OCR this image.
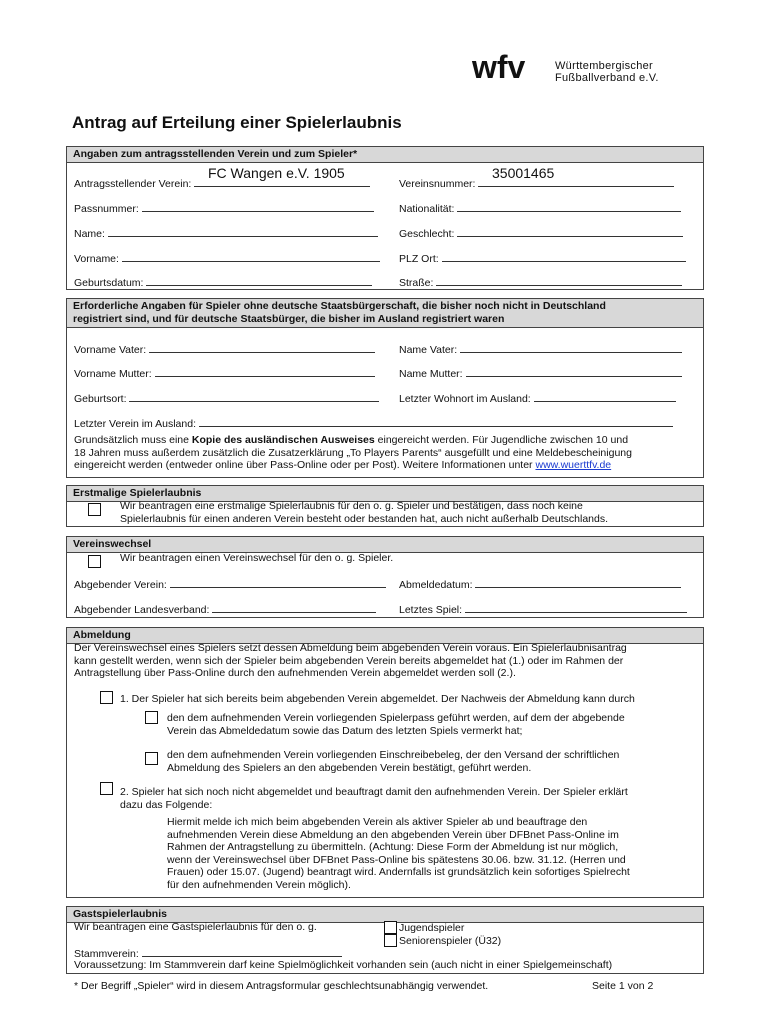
wfv	Württembergischer
Fußballverband e.V.
Antrag auf Erteilung einer Spielerlaubnis
Angaben zum antragsstellenden Verein und zum Spieler*
Antragsstellender Verein:
FC Wangen e.V. 1905
Vereinsnummer:
35001465
Passnummer:	Nationalität:
Name:	Geschlecht:
Vorname:	PLZ Ort:
Geburtsdatum:	Straße:
Erforderliche Angaben für Spieler ohne deutsche Staatsbürgerschaft, die bisher noch nicht in Deutschland
registriert sind, und für deutsche Staatsbürger, die bisher im Ausland registriert waren
Vorname Vater:	Name Vater:
Vorname Mutter:	Name Mutter:
Geburtsort:	Letzter Wohnort im Ausland:
Letzter Verein im Ausland:
Grundsätzlich muss eine Kopie des ausländischen Ausweises eingereicht werden. Für Jugendliche zwischen 10 und
18 Jahren muss außerdem zusätzlich die Zusatzerklärung „To Players Parents“ ausgefüllt und eine Meldebescheinigung
eingereicht werden (entweder online über Pass-Online oder per Post). Weitere Informationen unter www.wuerttfv.de
Erstmalige Spielerlaubnis
Wir beantragen eine erstmalige Spielerlaubnis für den o. g. Spieler und bestätigen, dass noch keine
Spielerlaubnis für einen anderen Verein besteht oder bestanden hat, auch nicht außerhalb Deutschlands.
Vereinswechsel
Wir beantragen einen Vereinswechsel für den o. g. Spieler.
Abgebender Verein:	Abmeldedatum:
Abgebender Landesverband:	Letztes Spiel:
Abmeldung
Der Vereinswechsel eines Spielers setzt dessen Abmeldung beim abgebenden Verein voraus. Ein Spielerlaubnisantrag
kann gestellt werden, wenn sich der Spieler beim abgebenden Verein bereits abgemeldet hat (1.) oder im Rahmen der
Antragstellung über Pass-Online durch den aufnehmenden Verein abgemeldet werden soll (2.).
1. Der Spieler hat sich bereits beim abgebenden Verein abgemeldet. Der Nachweis der Abmeldung kann durch
den dem aufnehmenden Verein vorliegenden Spielerpass geführt werden, auf dem der abgebende
Verein das Abmeldedatum sowie das Datum des letzten Spiels vermerkt hat;
den dem aufnehmenden Verein vorliegenden Einschreibebeleg, der den Versand der schriftlichen
Abmeldung des Spielers an den abgebenden Verein bestätigt, geführt werden.
2. Spieler hat sich noch nicht abgemeldet und beauftragt damit den aufnehmenden Verein. Der Spieler erklärt
dazu das Folgende:
Hiermit melde ich mich beim abgebenden Verein als aktiver Spieler ab und beauftrage den
aufnehmenden Verein diese Abmeldung an den abgebenden Verein über DFBnet Pass-Online im
Rahmen der Antragstellung zu übermitteln. (Achtung: Diese Form der Abmeldung ist nur möglich,
wenn der Vereinswechsel über DFBnet Pass-Online bis spätestens 30.06. bzw. 31.12. (Herren und
Frauen) oder 15.07. (Jugend) beantragt wird. Andernfalls ist grundsätzlich kein sofortiges Spielrecht
für den aufnehmenden Verein möglich).
Gastspielerlaubnis
Wir beantragen eine Gastspielerlaubnis für den o. g.	Jugendspieler
Seniorenspieler (Ü32)
Stammverein:
Voraussetzung: Im Stammverein darf keine Spielmöglichkeit vorhanden sein (auch nicht in einer Spielgemeinschaft)
* Der Begriff „Spieler“ wird in diesem Antragsformular geschlechtsunabhängig verwendet.	Seite 1 von 2
